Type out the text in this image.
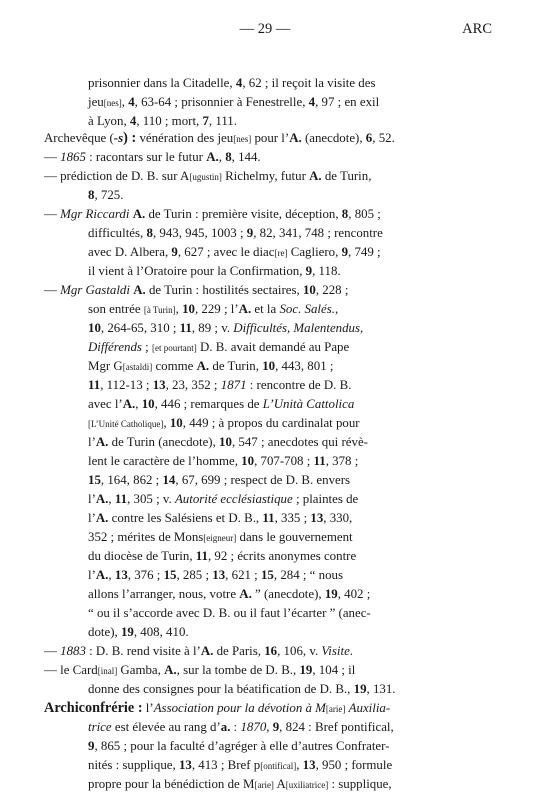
— 29 —	ARC
prisonnier dans la Citadelle, 4, 62 ; il reçoit la visite des
jeu[nes], 4, 63-64 ; prisonnier à Fenestrelle, 4, 97 ; en exil
à Lyon, 4, 110 ; mort, 7, 111.
Archevêque (-s) : vénération des jeu[nes] pour l’A. (anecdote), 6, 52.
— 1865 : racontars sur le futur A., 8, 144.
— prédiction de D. B. sur A[ugustin] Richelmy, futur A. de Turin,
8, 725.
— Mgr Riccardi A. de Turin : première visite, déception, 8, 805 ;
difficultés, 8, 943, 945, 1003 ; 9, 82, 341, 748 ; rencontre
avec D. Albera, 9, 627 ; avec le diac[re] Cagliero, 9, 749 ;
il vient à l’Oratoire pour la Confirmation, 9, 118.
— Mgr Gastaldi A. de Turin : hostilités sectaires, 10, 228 ;
son entrée [à Turin], 10, 229 ; l’A. et la Soc. Salés.,
10, 264-65, 310 ; 11, 89 ; v. Difficultés, Malentendus,
Différends ; [et pourtant] D. B. avait demandé au Pape
Mgr G[astaldi] comme A. de Turin, 10, 443, 801 ;
11, 112-13 ; 13, 23, 352 ; 1871 : rencontre de D. B.
avec l’A., 10, 446 ; remarques de L’Unità Cattolica
[L’Unité Catholique], 10, 449 ; à propos du cardinalat pour
l’A. de Turin (anecdote), 10, 547 ; anecdotes qui révè-
lent le caractère de l’homme, 10, 707-708 ; 11, 378 ;
15, 164, 862 ; 14, 67, 699 ; respect de D. B. envers
l’A., 11, 305 ; v. Autorité ecclésiastique ; plaintes de
l’A. contre les Salésiens et D. B., 11, 335 ; 13, 330,
352 ; mérites de Mons[eigneur] dans le gouvernement
du diocèse de Turin, 11, 92 ; écrits anonymes contre
l’A., 13, 376 ; 15, 285 ; 13, 621 ; 15, 284 ; “ nous
allons l’arranger, nous, votre A. ” (anecdote), 19, 402 ;
“ ou il s’accorde avec D. B. ou il faut l’écarter ” (anec-
dote), 19, 408, 410.
— 1883 : D. B. rend visite à l’A. de Paris, 16, 106, v. Visite.
— le Card[inal] Gamba, A., sur la tombe de D. B., 19, 104 ; il
donne des consignes pour la béatification de D. B., 19, 131.
Archiconfrérie : l’Association pour la dévotion à M[arie] Auxilia-
trice est élevée au rang d’a. : 1870, 9, 824 : Bref pontifical,
9, 865 ; pour la faculté d’agréger à elle d’autres Confrater-
nités : supplique, 13, 413 ; Bref p[ontifical], 13, 950 ; formule
propre pour la bénédiction de M[arie] A[uxiliatrice] : supplique,
